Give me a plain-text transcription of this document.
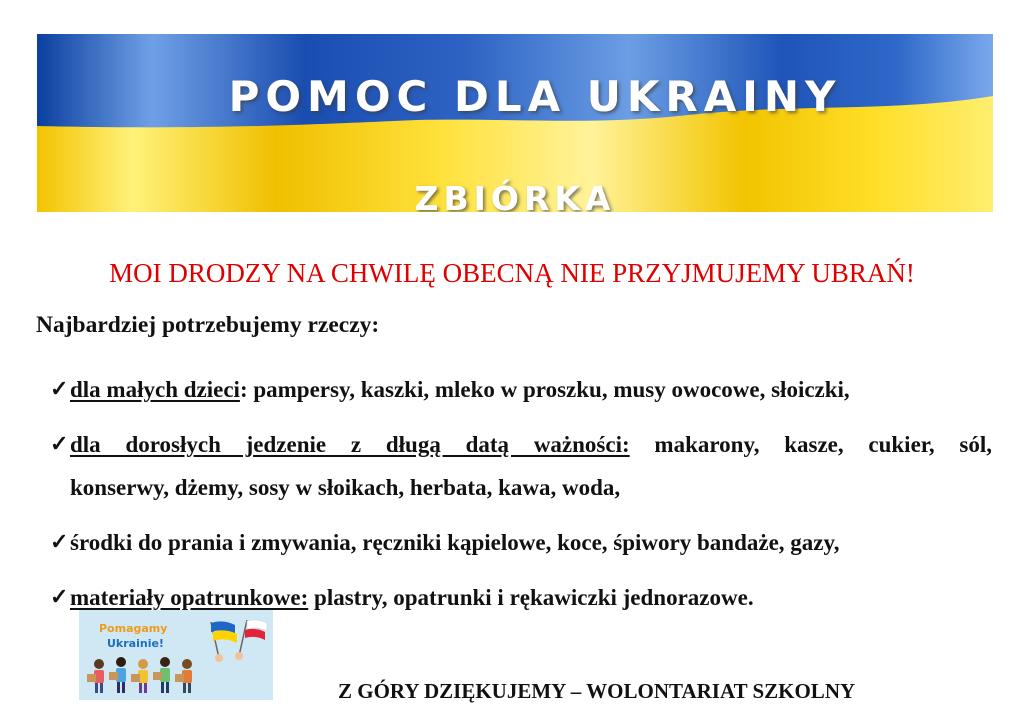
POMOC DLA UKRAINY
ZBIÓRKA
MOI DRODZY NA CHWILĘ OBECNĄ NIE PRZYJMUJEMY UBRAŃ!
Najbardziej potrzebujemy rzeczy:
✓ dla małych dzieci: pampersy, kaszki, mleko w proszku, musy owocowe, słoiczki,
✓ dla dorosłych jedzenie z długą datą ważności: makarony, kasze, cukier, sól,
konserwy, dżemy, sosy w słoikach, herbata, kawa, woda,
✓ środki do prania i zmywania, ręczniki kąpielowe, koce, śpiwory bandaże, gazy,
✓ materiały opatrunkowe: plastry, opatrunki i rękawiczki jednorazowe.
Pomagamy
Ukrainie!
Z GÓRY DZIĘKUJEMY – WOLONTARIAT SZKOLNY
